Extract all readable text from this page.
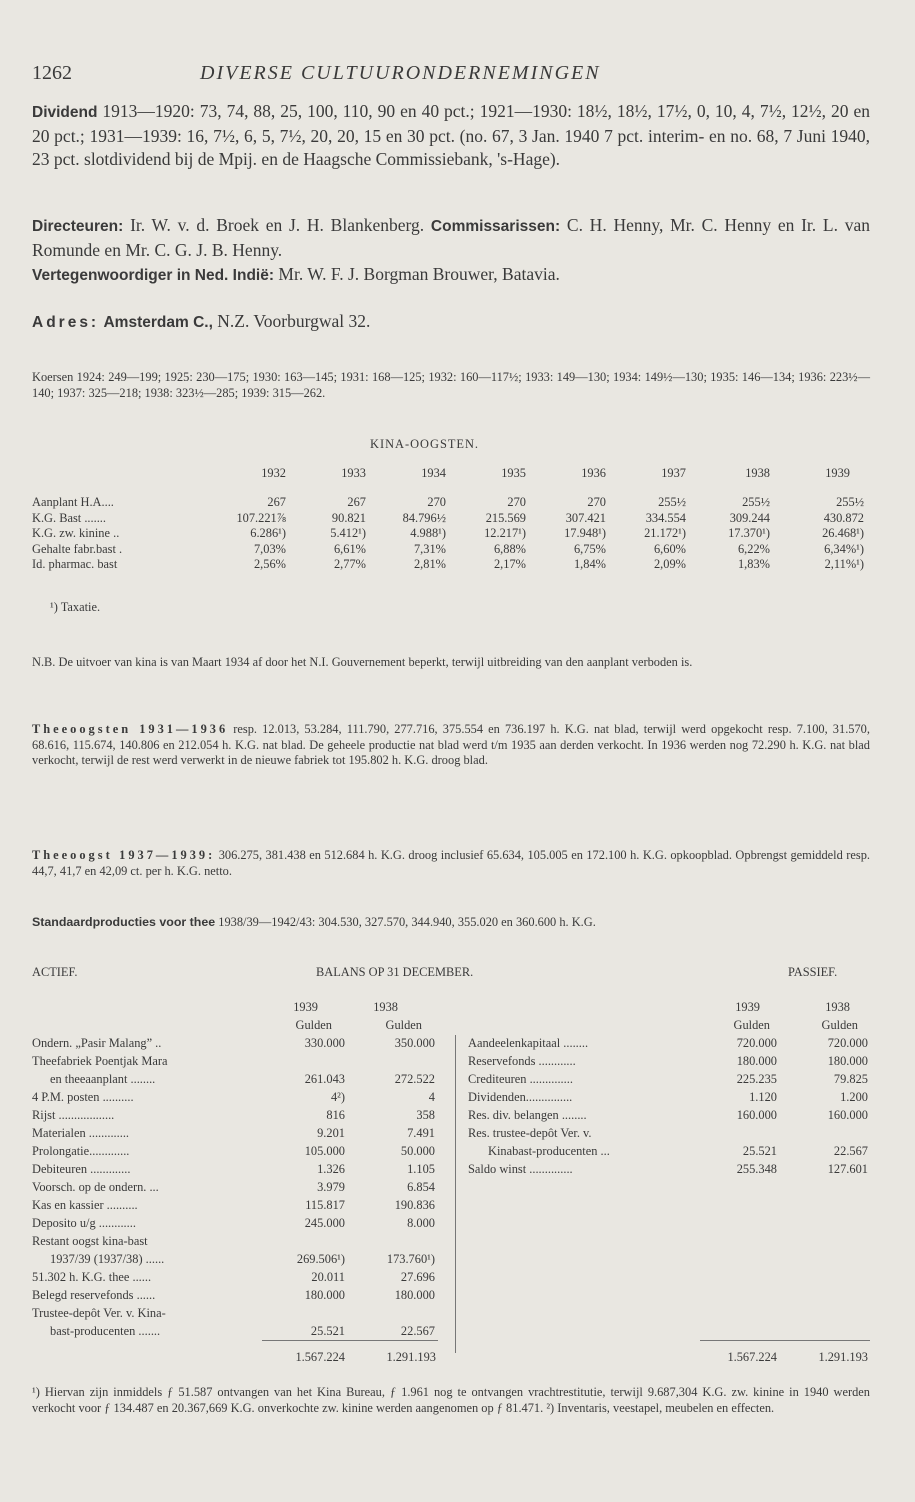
1262	DIVERSE CULTUURONDERNEMINGEN
Dividend 1913—1920: 73, 74, 88, 25, 100, 110, 90 en 40 pct.; 1921—1930: 18½, 18½, 17½, 0, 10, 4, 7½, 12½, 20 en 20 pct.; 1931—1939: 16, 7½, 6, 5, 7½, 20, 20, 15 en 30 pct. (no. 67, 3 Jan. 1940 7 pct. interim- en no. 68, 7 Juni 1940, 23 pct. slotdividend bij de Mpij. en de Haagsche Commissiebank, 's-Hage).
Directeuren: Ir. W. v. d. Broek en J. H. Blankenberg. Commissarissen: C. H. Henny, Mr. C. Henny en Ir. L. van Romunde en Mr. C. G. J. B. Henny.
Vertegenwoordiger in Ned. Indië: Mr. W. F. J. Borgman Brouwer, Batavia.
Adres: Amsterdam C., N.Z. Voorburgwal 32.
Koersen 1924: 249—199; 1925: 230—175; 1930: 163—145; 1931: 168—125; 1932: 160—117½; 1933: 149—130; 1934: 149½—130; 1935: 146—134; 1936: 223½—140; 1937: 325—218; 1938: 323½—285; 1939: 315—262.
KINA-OOGSTEN.
1932	1933	1934	1935	1936	1937	1938	1939
Aanplant H.A....	267	267	270	270	270	255½	255½	255½
K.G. Bast .......	107.221⅞	90.821	84.796½	215.569	307.421	334.554	309.244	430.872
K.G. zw. kinine ..	6.286¹)	5.412¹)	4.988¹)	12.217¹)	17.948¹)	21.172¹)	17.370¹)	26.468¹)
Gehalte fabr.bast .	7,03%	6,61%	7,31%	6,88%	6,75%	6,60%	6,22%	6,34%¹)
Id. pharmac. bast	2,56%	2,77%	2,81%	2,17%	1,84%	2,09%	1,83%	2,11%¹)
¹) Taxatie.
N.B. De uitvoer van kina is van Maart 1934 af door het N.I. Gouvernement beperkt, terwijl uitbreiding van den aanplant verboden is.
Theeoogsten 1931—1936 resp. 12.013, 53.284, 111.790, 277.716, 375.554 en 736.197 h. K.G. nat blad, terwijl werd opgekocht resp. 7.100, 31.570, 68.616, 115.674, 140.806 en 212.054 h. K.G. nat blad. De geheele productie nat blad werd t/m 1935 aan derden verkocht. In 1936 werden nog 72.290 h. K.G. nat blad verkocht, terwijl de rest werd verwerkt in de nieuwe fabriek tot 195.802 h. K.G. droog blad.
Theeoogst 1937—1939: 306.275, 381.438 en 512.684 h. K.G. droog inclusief 65.634, 105.005 en 172.100 h. K.G. opkoopblad. Opbrengst gemiddeld resp. 44,7, 41,7 en 42,09 ct. per h. K.G. netto.
Standaardproducties voor thee 1938/39—1942/43: 304.530, 327.570, 344.940, 355.020 en 360.600 h. K.G.
ACTIEF.	BALANS OP 31 DECEMBER.	PASSIEF.
1939	1938
Gulden	Gulden
1939	1938
Gulden	Gulden
Ondern. „Pasir Malang” ..	330.000	350.000
Theefabriek Poentjak Mara
en theeaanplant ........	261.043	272.522
4 P.M. posten ..........	4²)	4
Rijst ..................	816	358
Materialen .............	9.201	7.491
Prolongatie.............	105.000	50.000
Debiteuren .............	1.326	1.105
Voorsch. op de ondern. ...	3.979	6.854
Kas en kassier ..........	115.817	190.836
Deposito u/g ............	245.000	8.000
Restant oogst kina-bast
1937/39 (1937/38) ......	269.506¹)	173.760¹)
51.302 h. K.G. thee ......	20.011	27.696
Belegd reservefonds ......	180.000	180.000
Trustee-depôt Ver. v. Kina-
bast-producenten .......	25.521	22.567
Aandeelenkapitaal ........	720.000	720.000
Reservefonds ............	180.000	180.000
Crediteuren ..............	225.235	79.825
Dividenden...............	1.120	1.200
Res. div. belangen ........	160.000	160.000
Res. trustee-depôt Ver. v.
Kinabast-producenten ...	25.521	22.567
Saldo winst ..............	255.348	127.601
1.567.224	1.291.193	1.567.224	1.291.193
¹) Hiervan zijn inmiddels ƒ 51.587 ontvangen van het Kina Bureau, ƒ 1.961 nog te ontvangen vrachtrestitutie, terwijl 9.687,304 K.G. zw. kinine in 1940 werden verkocht voor ƒ 134.487 en 20.367,669 K.G. onverkochte zw. kinine werden aangenomen op ƒ 81.471. ²) Inventaris, veestapel, meubelen en effecten.
